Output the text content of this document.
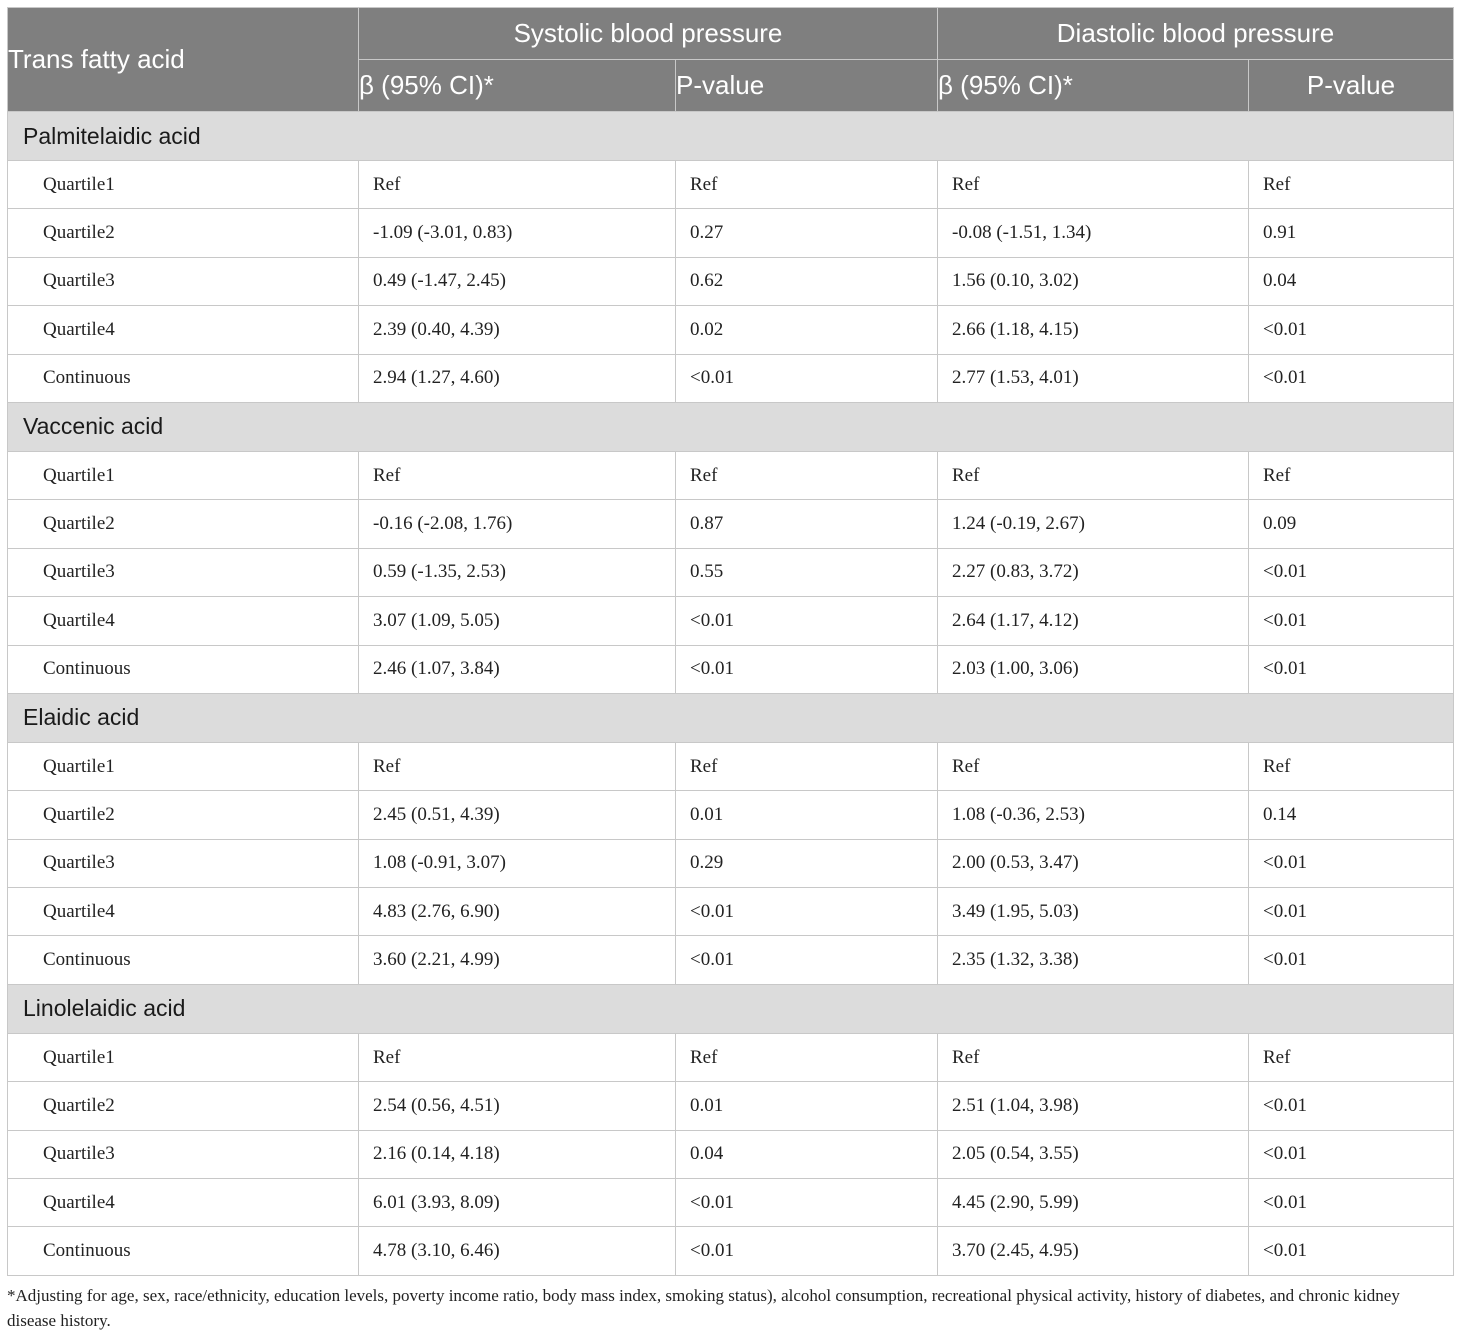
Trans fatty acid	Systolic blood pressure		Diastolic blood pressure	
	β (95% CI)*	P-value	β (95% CI)*	P-value
Palmitelaidic acid				
Quartile1	Ref	Ref	Ref	Ref
Quartile2	-1.09 (-3.01, 0.83)	0.27	-0.08 (-1.51, 1.34)	0.91
Quartile3	0.49 (-1.47, 2.45)	0.62	1.56 (0.10, 3.02)	0.04
Quartile4	2.39 (0.40, 4.39)	0.02	2.66 (1.18, 4.15)	<0.01
Continuous	2.94 (1.27, 4.60)	<0.01	2.77 (1.53, 4.01)	<0.01
Vaccenic acid				
Quartile1	Ref	Ref	Ref	Ref
Quartile2	-0.16 (-2.08, 1.76)	0.87	1.24 (-0.19, 2.67)	0.09
Quartile3	0.59 (-1.35, 2.53)	0.55	2.27 (0.83, 3.72)	<0.01
Quartile4	3.07 (1.09, 5.05)	<0.01	2.64 (1.17, 4.12)	<0.01
Continuous	2.46 (1.07, 3.84)	<0.01	2.03 (1.00, 3.06)	<0.01
Elaidic acid				
Quartile1	Ref	Ref	Ref	Ref
Quartile2	2.45 (0.51, 4.39)	0.01	1.08 (-0.36, 2.53)	0.14
Quartile3	1.08 (-0.91, 3.07)	0.29	2.00 (0.53, 3.47)	<0.01
Quartile4	4.83 (2.76, 6.90)	<0.01	3.49 (1.95, 5.03)	<0.01
Continuous	3.60 (2.21, 4.99)	<0.01	2.35 (1.32, 3.38)	<0.01
Linolelaidic acid				
Quartile1	Ref	Ref	Ref	Ref
Quartile2	2.54 (0.56, 4.51)	0.01	2.51 (1.04, 3.98)	<0.01
Quartile3	2.16 (0.14, 4.18)	0.04	2.05 (0.54, 3.55)	<0.01
Quartile4	6.01 (3.93, 8.09)	<0.01	4.45 (2.90, 5.99)	<0.01
Continuous	4.78 (3.10, 6.46)	<0.01	3.70 (2.45, 4.95)	<0.01
*Adjusting for age, sex, race/ethnicity, education levels, poverty income ratio, body mass index, smoking status), alcohol consumption, recreational physical activity, history of diabetes, and chronic kidney disease history.
